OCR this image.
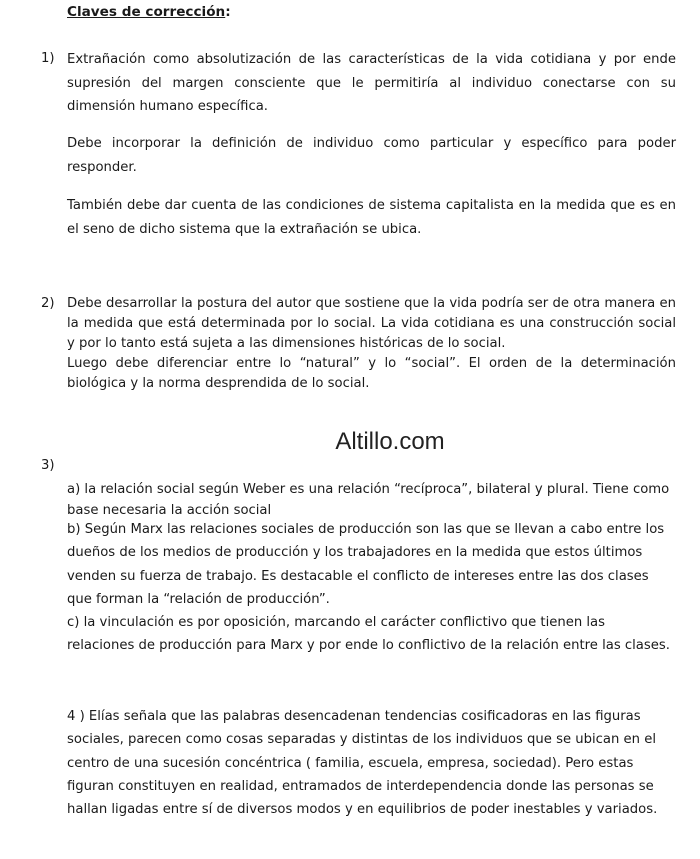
Claves de corrección:
1) Extrañación como absolutización de las características de la vida cotidiana y por ende supresión del margen consciente que le permitiría al individuo conectarse con su dimensión humano específica.

Debe incorporar la definición de individuo como particular y específico para poder responder.

También debe dar cuenta de las condiciones de sistema capitalista en la medida que es en el seno de dicho sistema que la extrañación se ubica.

2) Debe desarrollar la postura del autor que sostiene que la vida podría ser de otra manera en la medida que está determinada por lo social. La vida cotidiana es una construcción social y por lo tanto está sujeta a las dimensiones históricas de lo social.

Luego debe diferenciar entre lo “natural” y lo “social”. El orden de la determinación biológica y la norma desprendida de lo social.

Altillo.com
3)

a) la relación social según Weber es una relación “recíproca”, bilateral y plural. Tiene como base necesaria la acción social

b) Según Marx las relaciones sociales de producción son las que se llevan a cabo entre los dueños de los medios de producción y los trabajadores en la medida que estos últimos venden su fuerza de trabajo. Es destacable el conflicto de intereses entre las dos clases que forman la “relación de producción”.

c) la vinculación es por oposición, marcando el carácter conflictivo que tienen las relaciones de producción para Marx y por ende lo conflictivo de la relación entre las clases.

4 ) Elías señala que las palabras desencadenan tendencias cosificadoras en las figuras sociales, parecen como cosas separadas y distintas de los individuos que se ubican en el centro de una sucesión concéntrica ( familia, escuela, empresa, sociedad). Pero estas figuran constituyen en realidad, entramados de interdependencia donde las personas se hallan ligadas entre sí de diversos modos y en equilibrios de poder inestables y variados.
